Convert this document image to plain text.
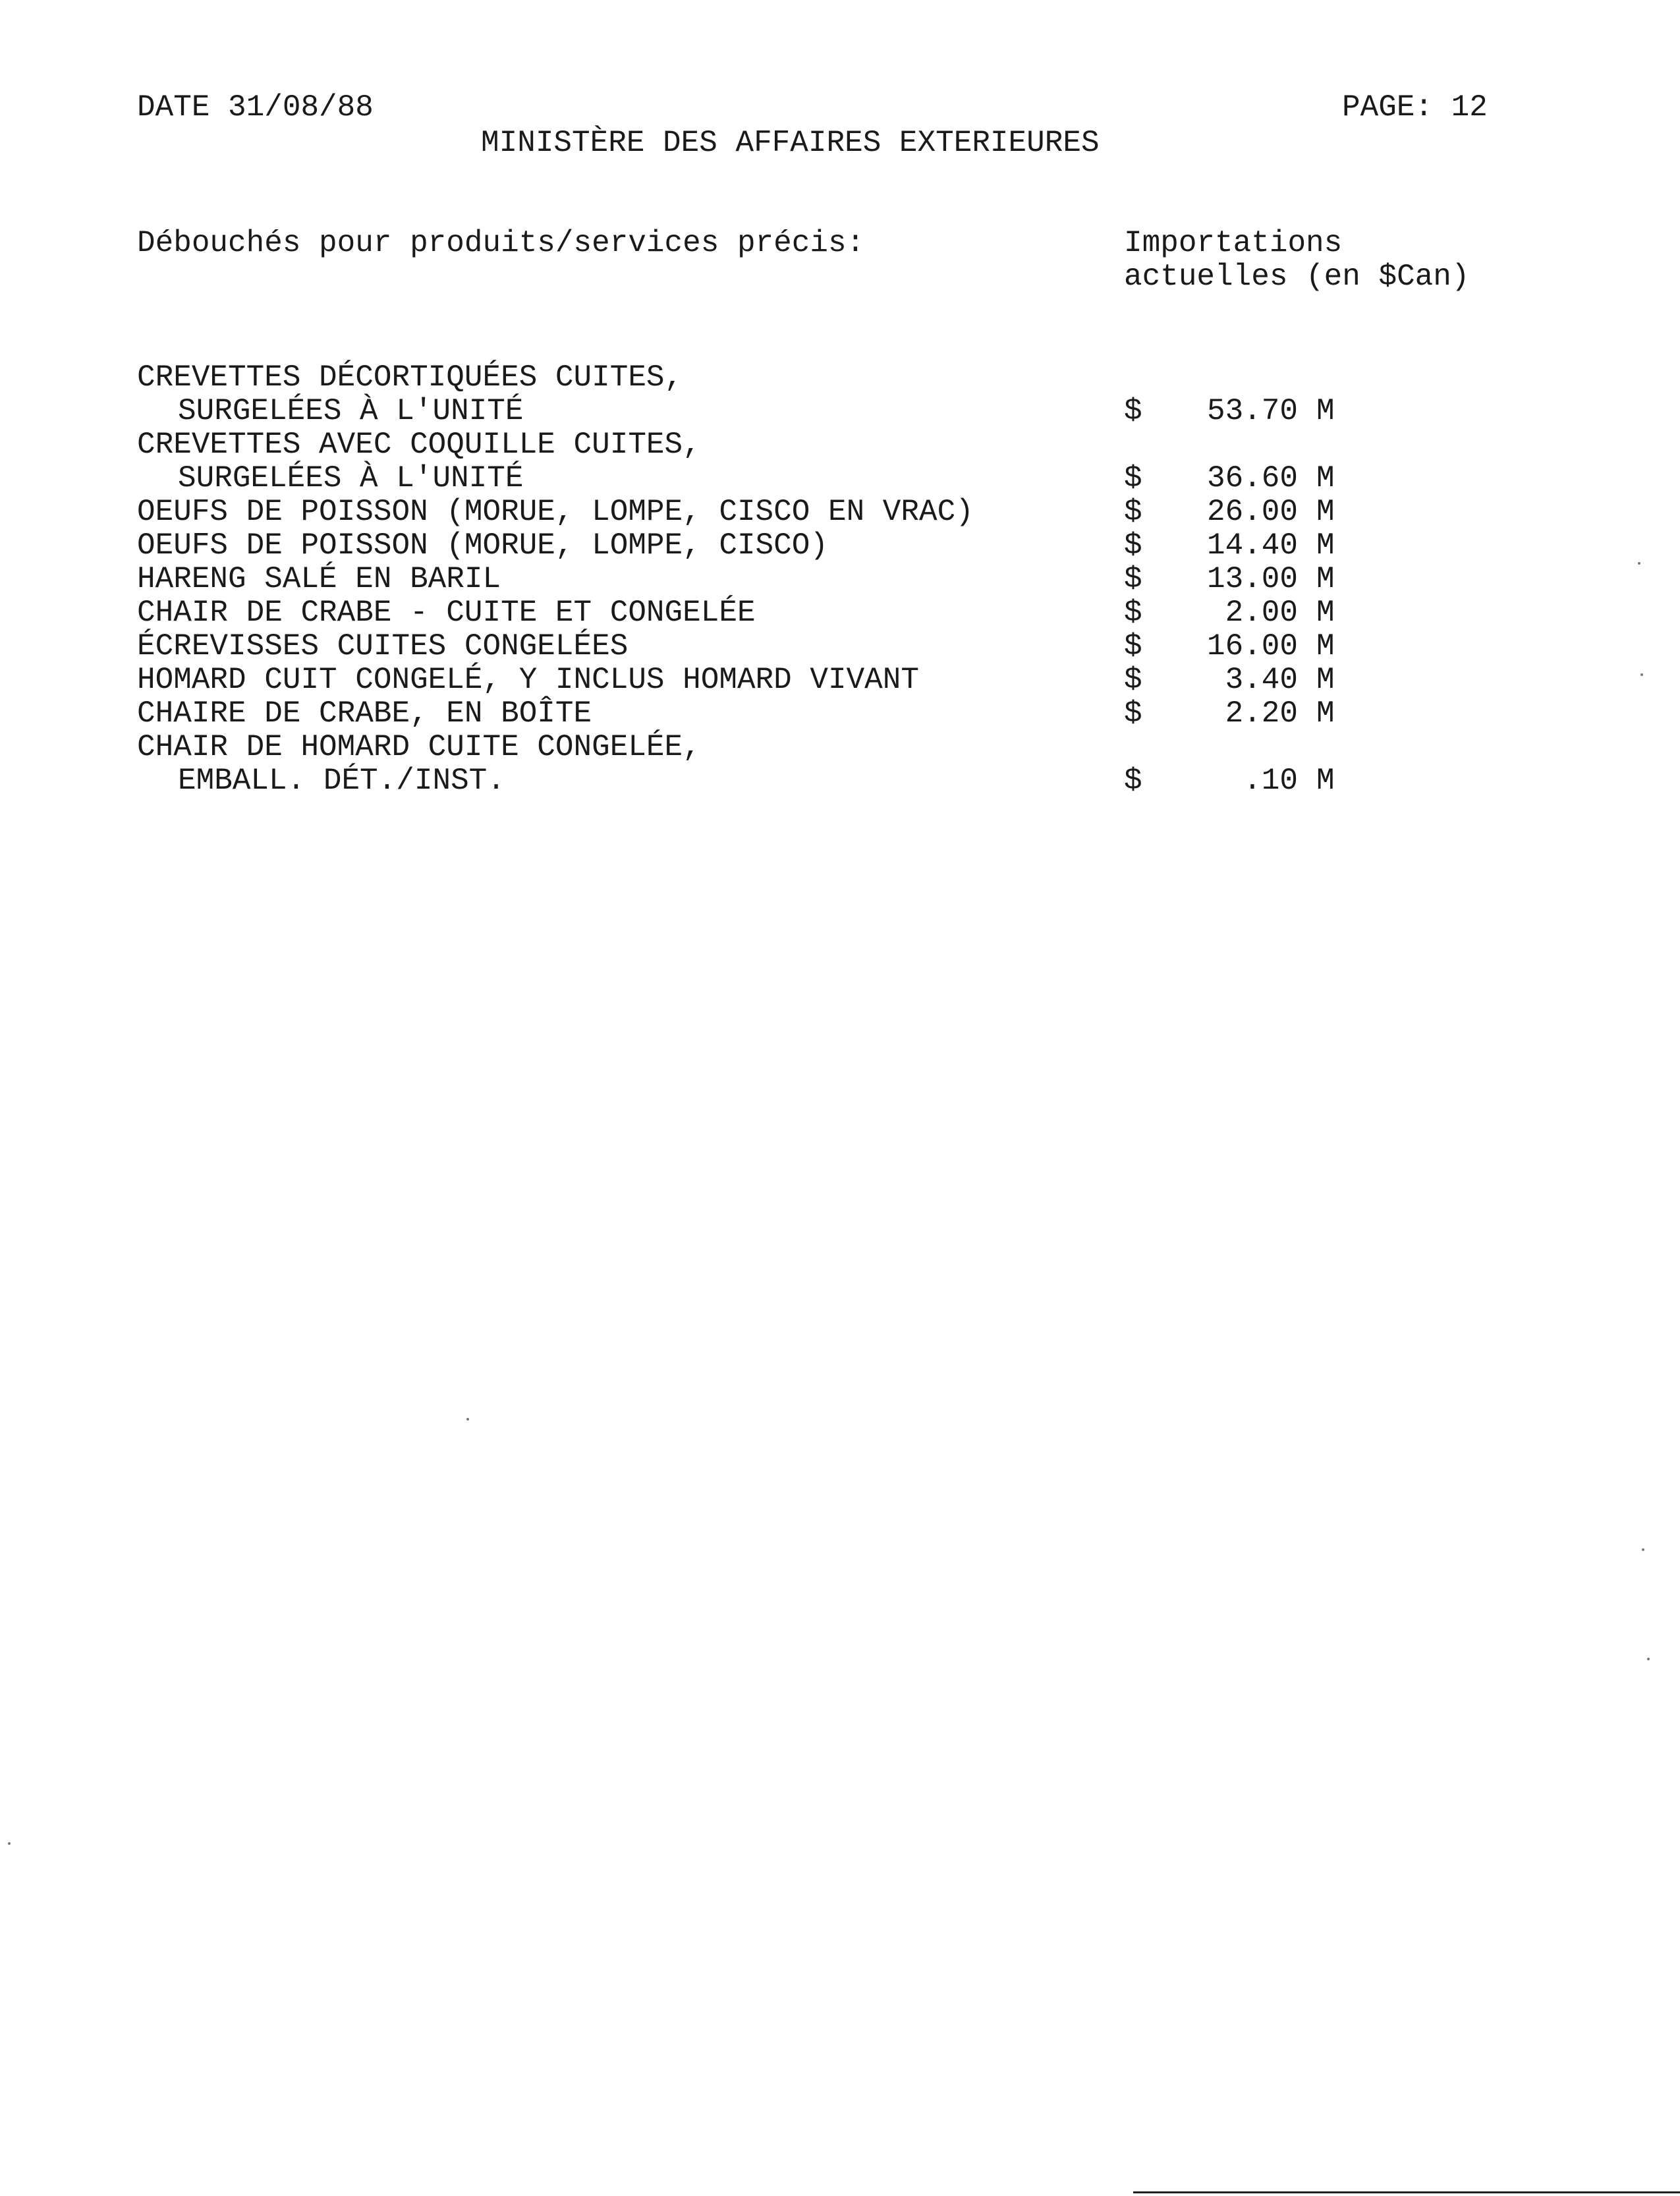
DATE 31/08/88	PAGE: 12
MINISTÈRE DES AFFAIRES EXTERIEURES
Débouchés pour produits/services précis:	Importations
actuelles (en $Can)
CREVETTES DÉCORTIQUÉES CUITES,
SURGELÉES À L'UNITÉ	$ 53.70 M
CREVETTES AVEC COQUILLE CUITES,
SURGELÉES À L'UNITÉ	$ 36.60 M
OEUFS DE POISSON (MORUE, LOMPE, CISCO EN VRAC)	$ 26.00 M
OEUFS DE POISSON (MORUE, LOMPE, CISCO)	$ 14.40 M
HARENG SALÉ EN BARIL	$ 13.00 M
CHAIR DE CRABE - CUITE ET CONGELÉE	$	2.00 M
ÉCREVISSES CUITES CONGELÉES	$ 16.00 M
HOMARD CUIT CONGELÉ, Y INCLUS HOMARD VIVANT	$	3.40 M
CHAIRE DE CRABE, EN BOÎTE	$	2.20 M
CHAIR DE HOMARD CUITE CONGELÉE,
EMBALL. DÉT./INST.	$	.10 M
